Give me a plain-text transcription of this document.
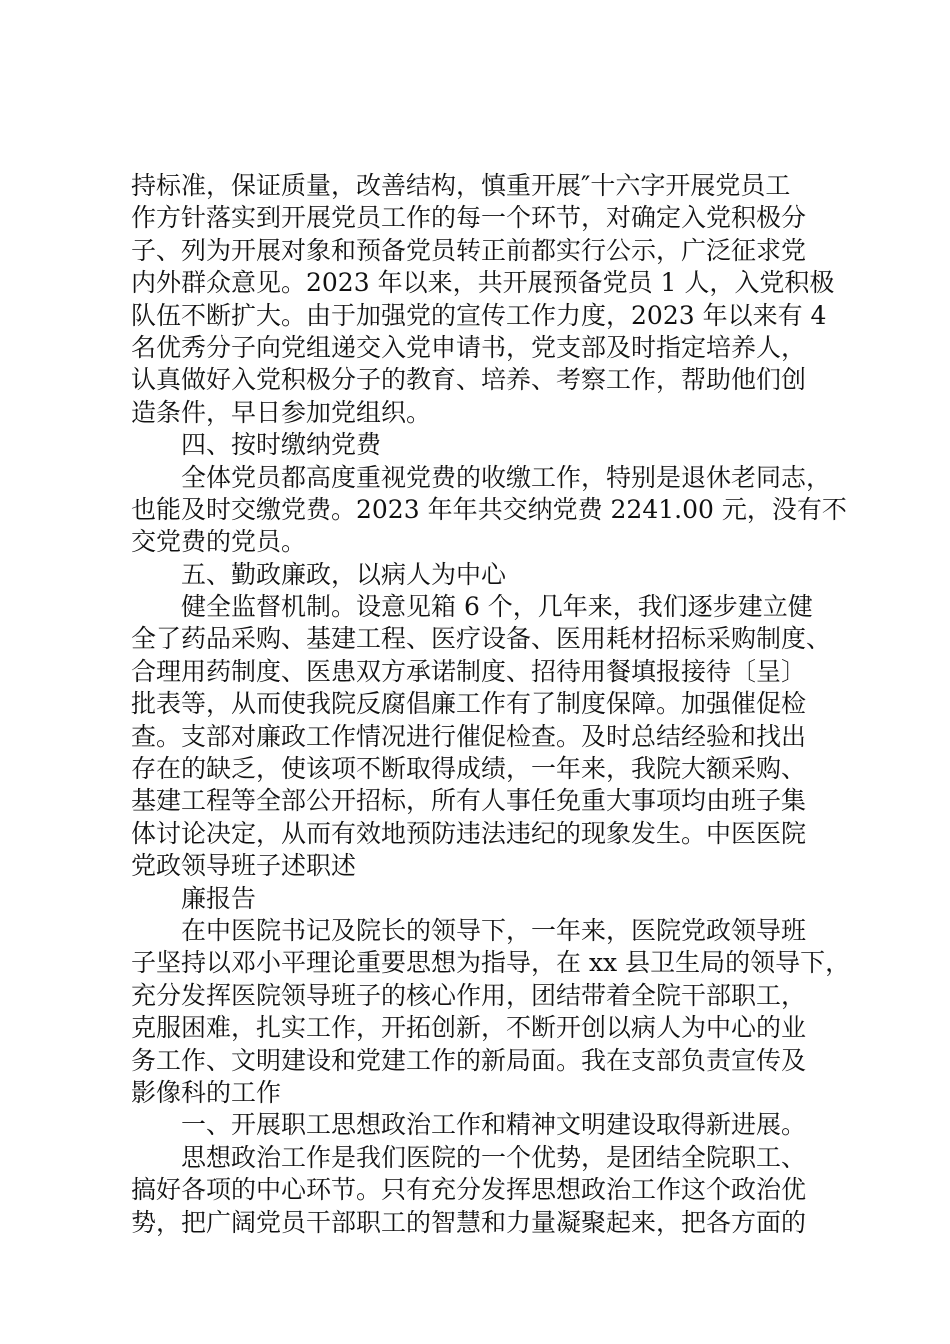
持标准，保证质量，改善结构，慎重开展″十六字开展党员工
作方针落实到开展党员工作的每一个环节，对确定入党积极分
子、列为开展对象和预备党员转正前都实行公示，广泛征求党
内外群众意见。2023 年以来，共开展预备党员 1 人，入党积极
队伍不断扩大。由于加强党的宣传工作力度，2023 年以来有 4
名优秀分子向党组递交入党申请书，党支部及时指定培养人，
认真做好入党积极分子的教育、培养、考察工作，帮助他们创
造条件，早日参加党组织。
四、按时缴纳党费
全体党员都高度重视党费的收缴工作，特别是退休老同志，
也能及时交缴党费。2023 年年共交纳党费 2241.00 元，没有不
交党费的党员。
五、勤政廉政，以病人为中心
健全监督机制。设意见箱 6 个，几年来，我们逐步建立健
全了药品采购、基建工程、医疗设备、医用耗材招标采购制度、
合理用药制度、医患双方承诺制度、招待用餐填报接待〔呈〕
批表等，从而使我院反腐倡廉工作有了制度保障。加强催促检
查。支部对廉政工作情况进行催促检查。及时总结经验和找出
存在的缺乏，使该项不断取得成绩，一年来，我院大额采购、
基建工程等全部公开招标，所有人事任免重大事项均由班子集
体讨论决定，从而有效地预防违法违纪的现象发生。中医医院
党政领导班子述职述
廉报告
在中医院书记及院长的领导下，一年来，医院党政领导班
子坚持以邓小平理论重要思想为指导，在 xx 县卫生局的领导下，
充分发挥医院领导班子的核心作用，团结带着全院干部职工，
克服困难，扎实工作，开拓创新，不断开创以病人为中心的业
务工作、文明建设和党建工作的新局面。我在支部负责宣传及
影像科的工作
一、开展职工思想政治工作和精神文明建设取得新进展。
思想政治工作是我们医院的一个优势，是团结全院职工、
搞好各项的中心环节。只有充分发挥思想政治工作这个政治优
势，把广阔党员干部职工的智慧和力量凝聚起来，把各方面的
